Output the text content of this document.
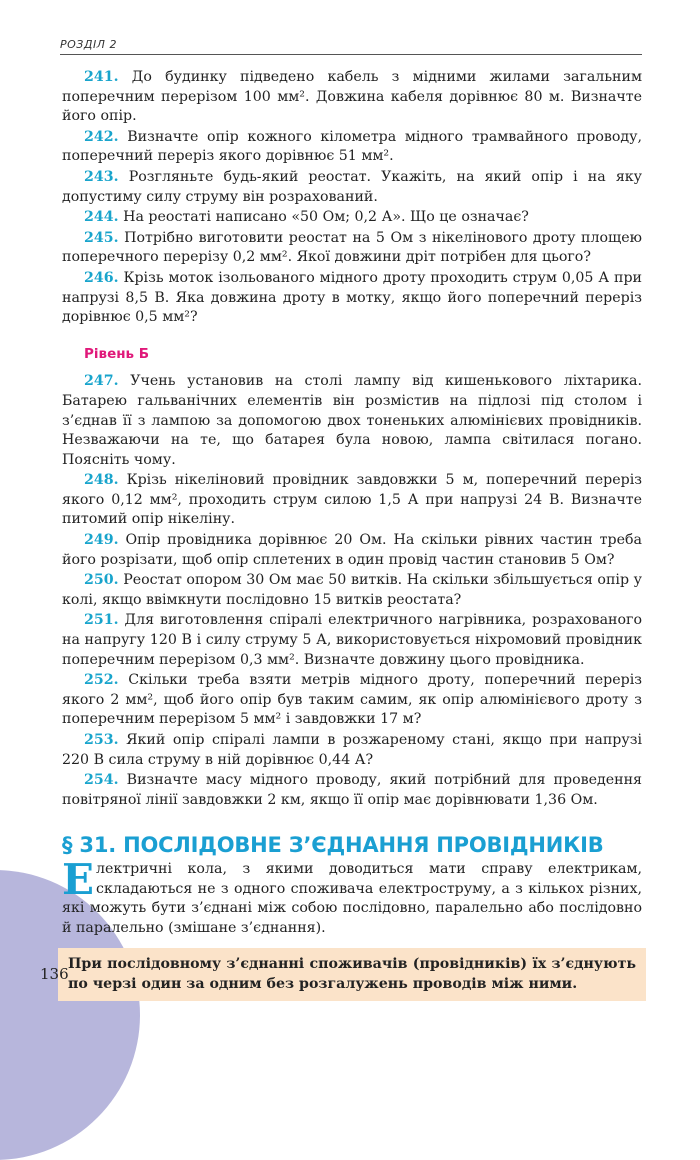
РОЗДІЛ 2

241. До будинку підведено кабель з мідними жилами загальним поперечним перерізом 100 мм². Довжина кабеля дорівнює 80 м. Визначте його опір.

242. Визначте опір кожного кілометра мідного трамвайного проводу, поперечний переріз якого дорівнює 51 мм².

243. Розгляньте будь-який реостат. Укажіть, на який опір і на яку допустиму силу струму він розрахований.

244. На реостаті написано «50 Ом; 0,2 А». Що це означає?

245. Потрібно виготовити реостат на 5 Ом з нікелінового дроту площею поперечного перерізу 0,2 мм². Якої довжини дріт потрібен для цього?

246. Крізь моток ізольованого мідного дроту проходить струм 0,05 А при напрузі 8,5 В. Яка довжина дроту в мотку, якщо його поперечний переріз дорівнює 0,5 мм²?

Рівень Б

247. Учень установив на столі лампу від кишенькового ліхтарика. Батарею гальванічних елементів він розмістив на підлозі під столом і з’єднав її з лампою за допомогою двох тоненьких алюмінієвих провідників. Незважаючи на те, що батарея була новою, лампа світилася погано. Поясніть чому.

248. Крізь нікеліновий провідник завдовжки 5 м, поперечний переріз якого 0,12 мм², проходить струм силою 1,5 А при напрузі 24 В. Визначте питомий опір нікеліну.

249. Опір провідника дорівнює 20 Ом. На скільки рівних частин треба його розрізати, щоб опір сплетених в один провід частин становив 5 Ом?

250. Реостат опором 30 Ом має 50 витків. На скільки збільшується опір у колі, якщо ввімкнути послідовно 15 витків реостата?

251. Для виготовлення спіралі електричного нагрівника, розрахованого на напругу 120 В і силу струму 5 А, використовується ніхромовий провідник поперечним перерізом 0,3 мм². Визначте довжину цього провідника.

252. Скільки треба взяти метрів мідного дроту, поперечний переріз якого 2 мм², щоб його опір був таким самим, як опір алюмінієвого дроту з поперечним перерізом 5 мм² і завдовжки 17 м?

253. Який опір спіралі лампи в розжареному стані, якщо при напрузі 220 В сила струму в ній дорівнює 0,44 А?

254. Визначте масу мідного проводу, який потрібний для проведення повітряної лінії завдовжки 2 км, якщо її опір має дорівнювати 1,36 Ом.

§ 31. ПОСЛІДОВНЕ З’ЄДНАННЯ ПРОВІДНИКІВ

Електричні кола, з якими доводиться мати справу електрикам, складаються не з одного споживача електроструму, а з кількох різних, які можуть бути з’єднані між собою послідовно, паралельно або послідовно й паралельно (змішане з’єднання).

При послідовному з’єднанні споживачів (провідників) їх з’єднують по черзі один за одним без розгалужень проводів між ними.
136
